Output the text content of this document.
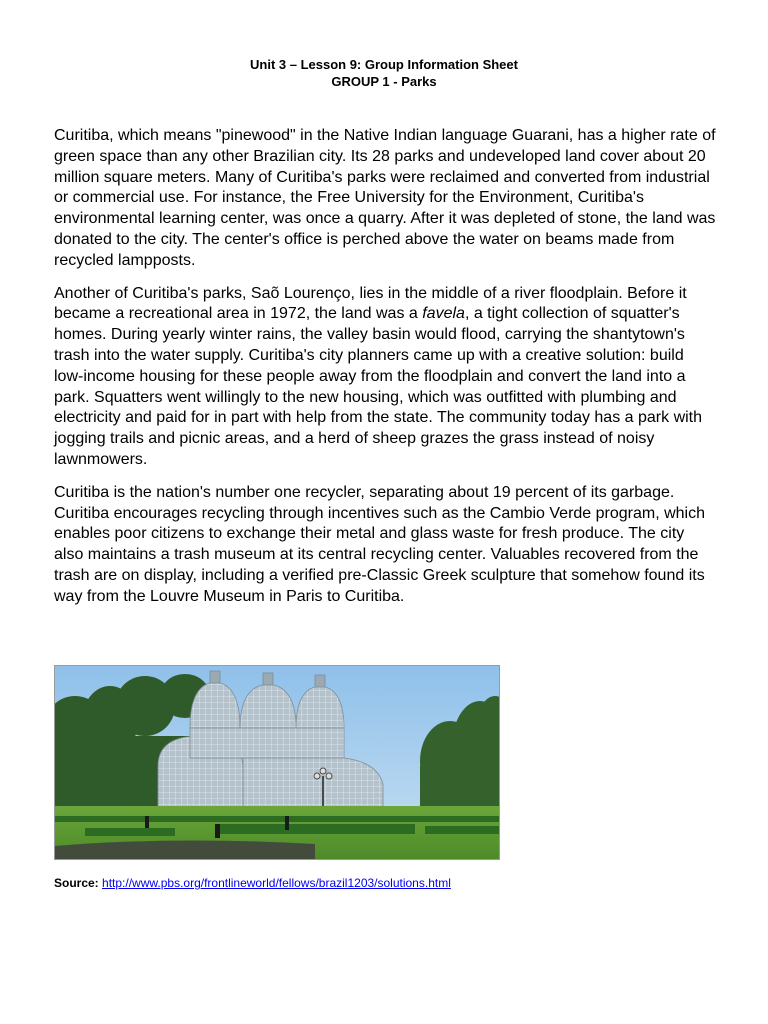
Unit 3 – Lesson 9: Group Information Sheet
GROUP 1 - Parks

Curitiba, which means "pinewood" in the Native Indian language Guarani, has a higher rate of green space than any other Brazilian city. Its 28 parks and undeveloped land cover about 20 million square meters. Many of Curitiba's parks were reclaimed and converted from industrial or commercial use. For instance, the Free University for the Environment, Curitiba's environmental learning center, was once a quarry. After it was depleted of stone, the land was donated to the city. The center's office is perched above the water on beams made from recycled lampposts.

Another of Curitiba's parks, Saõ Lourenço, lies in the middle of a river floodplain. Before it became a recreational area in 1972, the land was a favela, a tight collection of squatter's homes. During yearly winter rains, the valley basin would flood, carrying the shantytown's trash into the water supply. Curitiba's city planners came up with a creative solution: build low-income housing for these people away from the floodplain and convert the land into a park. Squatters went willingly to the new housing, which was outfitted with plumbing and electricity and paid for in part with help from the state. The community today has a park with jogging trails and picnic areas, and a herd of sheep grazes the grass instead of noisy lawnmowers.

Curitiba is the nation's number one recycler, separating about 19 percent of its garbage. Curitiba encourages recycling through incentives such as the Cambio Verde program, which enables poor citizens to exchange their metal and glass waste for fresh produce. The city also maintains a trash museum at its central recycling center. Valuables recovered from the trash are on display, including a verified pre-Classic Greek sculpture that somehow found its way from the Louvre Museum in Paris to Curitiba.

Source: http://www.pbs.org/frontlineworld/fellows/brazil1203/solutions.html
